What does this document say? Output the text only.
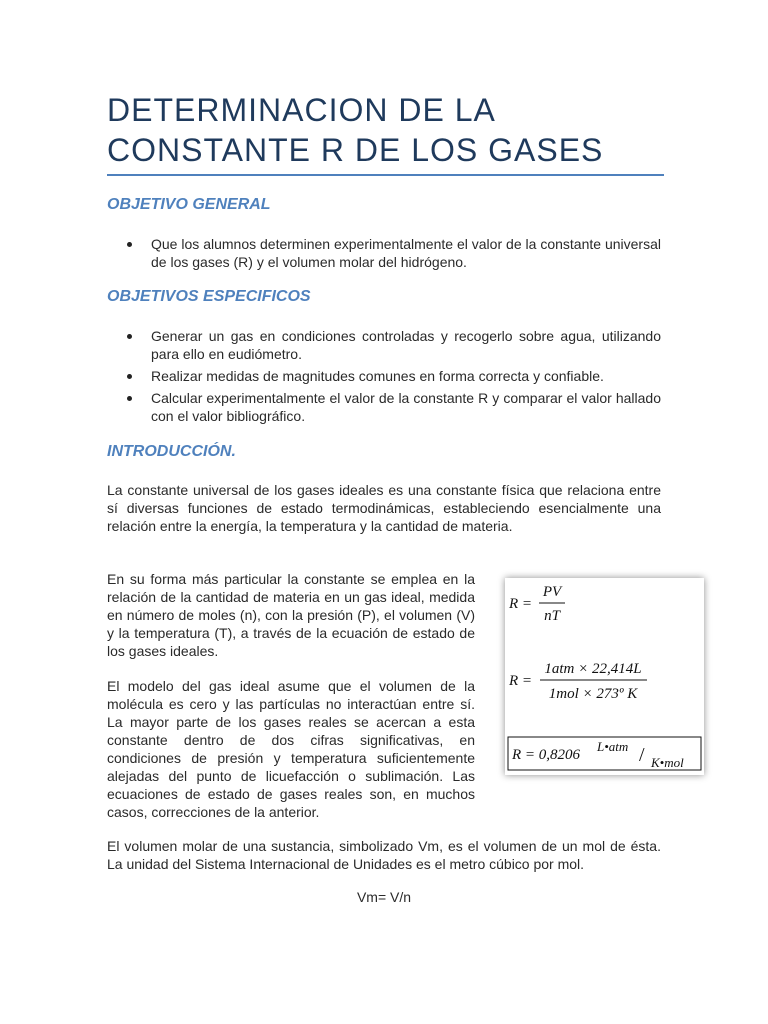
DETERMINACION DE LA CONSTANTE R DE LOS GASES
OBJETIVO GENERAL
Que los alumnos determinen experimentalmente el valor de la constante universal de los gases (R) y el volumen molar del hidrógeno.
OBJETIVOS ESPECIFICOS
Generar un gas en condiciones controladas y recogerlo sobre agua, utilizando para ello en eudiómetro.
Realizar medidas de magnitudes comunes en forma correcta y confiable.
Calcular experimentalmente el valor de la constante R y comparar el valor hallado con el valor bibliográfico.
INTRODUCCIÓN.

La constante universal de los gases ideales es una constante física que relaciona entre sí diversas funciones de estado termodinámicas, estableciendo esencialmente una relación entre la energía, la temperatura y la cantidad de materia.

En su forma más particular la constante se emplea en la relación de la cantidad de materia en un gas ideal, medida en número de moles (n), con la presión (P), el volumen (V) y la temperatura (T), a través de la ecuación de estado de los gases ideales.

El modelo del gas ideal asume que el volumen de la molécula es cero y las partículas no interactúan entre sí. La mayor parte de los gases reales se acercan a esta constante dentro de dos cifras significativas, en condiciones de presión y temperatura suficientemente alejadas del punto de licuefacción o sublimación. Las ecuaciones de estado de gases reales son, en muchos casos, correcciones de la anterior.

El volumen molar de una sustancia, simbolizado Vm, es el volumen de un mol de ésta. La unidad del Sistema Internacional de Unidades es el metro cúbico por mol.

R =
PV
nT
R =
1atm × 22,414L
1mol × 273º K
R = 0,8206
L•atm / K•mol

Vm= V/n
